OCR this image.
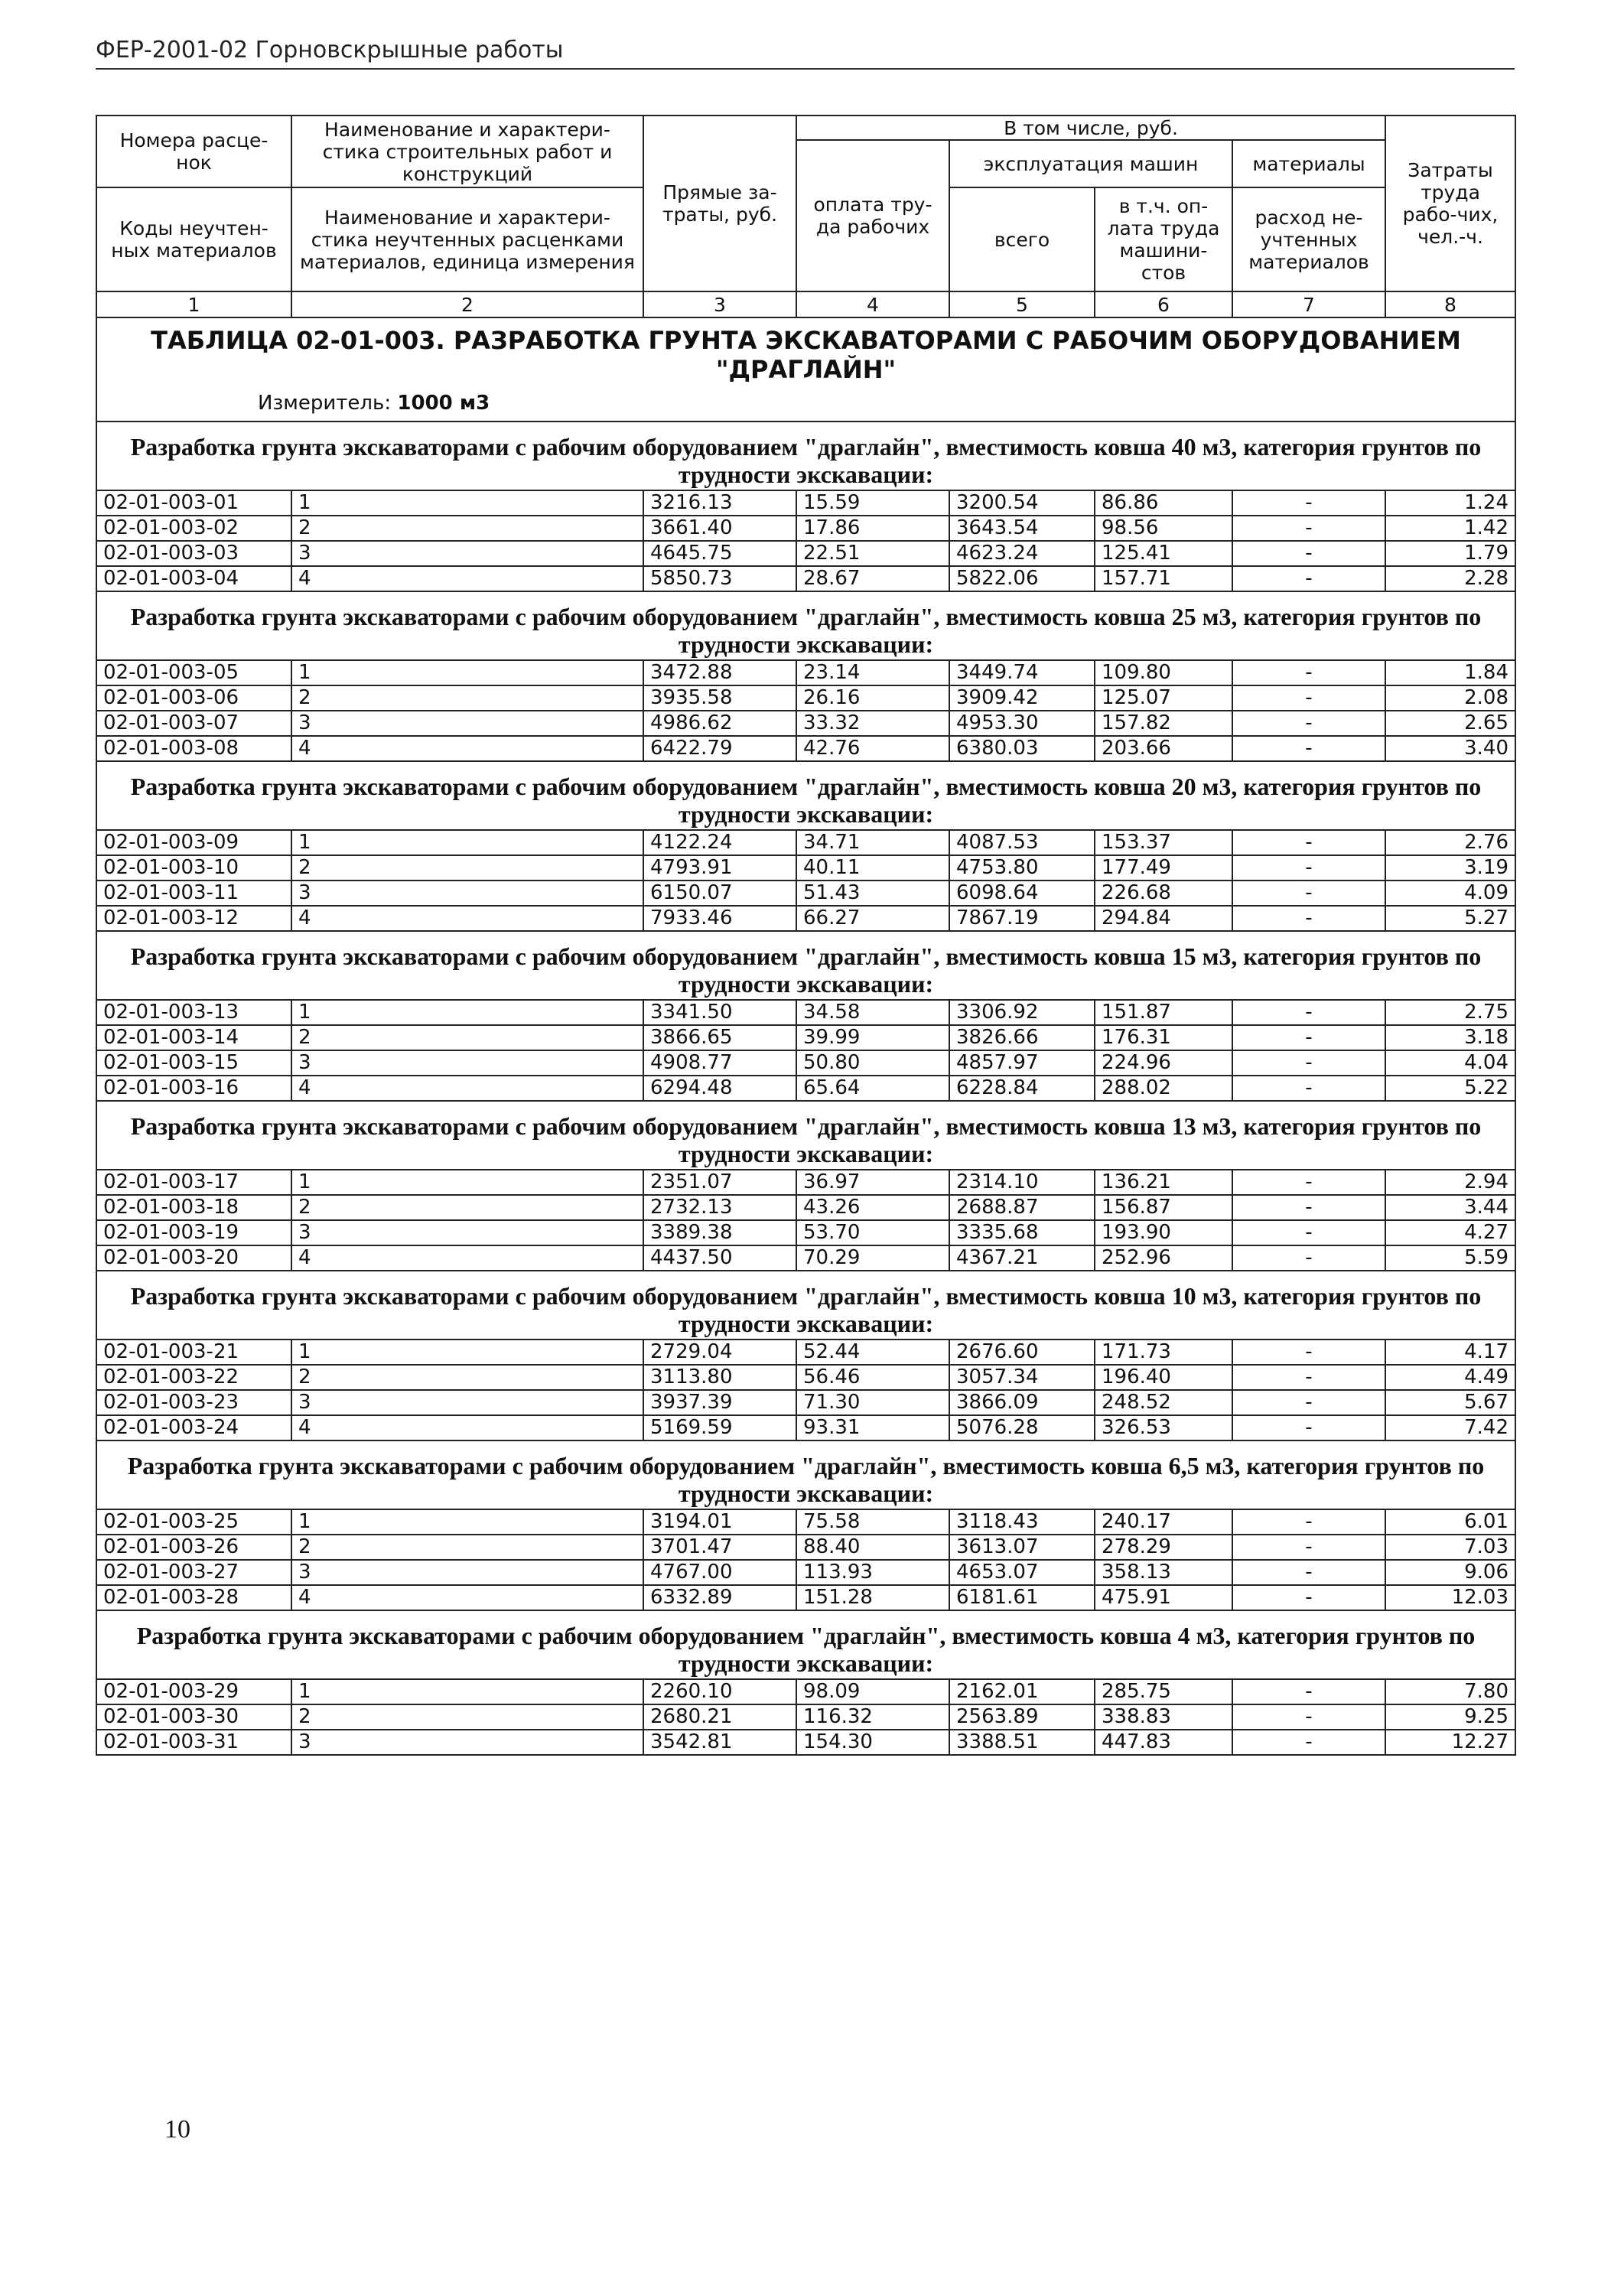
ФЕР-2001-02 Горновскрышные работы
Номера расце-нок	Наименование и характери-стика строительных работ и конструкций	Прямые за-траты, руб.	В том числе, руб.				Затраты труда рабо-чих, чел.-ч.
			оплата тру-да рабочих	эксплуатация машин		материалы	
Коды неучтен-ных материалов	Наименование и характери-стика неучтенных расценками материалов, единица измерения			всего	в т.ч. оп-лата труда машини-стов	расход не-учтенных материалов	

1	2	3	4	5	6	7	8

ТАБЛИЦА 02-01-003. РАЗРАБОТКА ГРУНТА ЭКСКАВАТОРАМИ С РАБОЧИМ ОБОРУДОВАНИЕМ "ДРАГЛАЙН"
Измеритель: 1000 м3							

Разработка грунта экскаваторами с рабочим оборудованием "драглайн", вместимость ковша 40 м3, категория грунтов по трудности экскавации:							
02-01-003-01	1	3216.13	15.59	3200.54	86.86	-	1.24
02-01-003-02	2	3661.40	17.86	3643.54	98.56	-	1.42
02-01-003-03	3	4645.75	22.51	4623.24	125.41	-	1.79
02-01-003-04	4	5850.73	28.67	5822.06	157.71	-	2.28
Разработка грунта экскаваторами с рабочим оборудованием "драглайн", вместимость ковша 25 м3, категория грунтов по трудности экскавации:							
02-01-003-05	1	3472.88	23.14	3449.74	109.80	-	1.84
02-01-003-06	2	3935.58	26.16	3909.42	125.07	-	2.08
02-01-003-07	3	4986.62	33.32	4953.30	157.82	-	2.65
02-01-003-08	4	6422.79	42.76	6380.03	203.66	-	3.40
Разработка грунта экскаваторами с рабочим оборудованием "драглайн", вместимость ковша 20 м3, категория грунтов по трудности экскавации:							
02-01-003-09	1	4122.24	34.71	4087.53	153.37	-	2.76
02-01-003-10	2	4793.91	40.11	4753.80	177.49	-	3.19
02-01-003-11	3	6150.07	51.43	6098.64	226.68	-	4.09
02-01-003-12	4	7933.46	66.27	7867.19	294.84	-	5.27
Разработка грунта экскаваторами с рабочим оборудованием "драглайн", вместимость ковша 15 м3, категория грунтов по трудности экскавации:							
02-01-003-13	1	3341.50	34.58	3306.92	151.87	-	2.75
02-01-003-14	2	3866.65	39.99	3826.66	176.31	-	3.18
02-01-003-15	3	4908.77	50.80	4857.97	224.96	-	4.04
02-01-003-16	4	6294.48	65.64	6228.84	288.02	-	5.22
Разработка грунта экскаваторами с рабочим оборудованием "драглайн", вместимость ковша 13 м3, категория грунтов по трудности экскавации:							
02-01-003-17	1	2351.07	36.97	2314.10	136.21	-	2.94
02-01-003-18	2	2732.13	43.26	2688.87	156.87	-	3.44
02-01-003-19	3	3389.38	53.70	3335.68	193.90	-	4.27
02-01-003-20	4	4437.50	70.29	4367.21	252.96	-	5.59
Разработка грунта экскаваторами с рабочим оборудованием "драглайн", вместимость ковша 10 м3, категория грунтов по трудности экскавации:							
02-01-003-21	1	2729.04	52.44	2676.60	171.73	-	4.17
02-01-003-22	2	3113.80	56.46	3057.34	196.40	-	4.49
02-01-003-23	3	3937.39	71.30	3866.09	248.52	-	5.67
02-01-003-24	4	5169.59	93.31	5076.28	326.53	-	7.42
Разработка грунта экскаваторами с рабочим оборудованием "драглайн", вместимость ковша 6,5 м3, категория грунтов по трудности экскавации:							
02-01-003-25	1	3194.01	75.58	3118.43	240.17	-	6.01
02-01-003-26	2	3701.47	88.40	3613.07	278.29	-	7.03
02-01-003-27	3	4767.00	113.93	4653.07	358.13	-	9.06
02-01-003-28	4	6332.89	151.28	6181.61	475.91	-	12.03
Разработка грунта экскаваторами с рабочим оборудованием "драглайн", вместимость ковша 4 м3, категория грунтов по трудности экскавации:							
02-01-003-29	1	2260.10	98.09	2162.01	285.75	-	7.80
02-01-003-30	2	2680.21	116.32	2563.89	338.83	-	9.25
02-01-003-31	3	3542.81	154.30	3388.51	447.83	-	12.27
10
